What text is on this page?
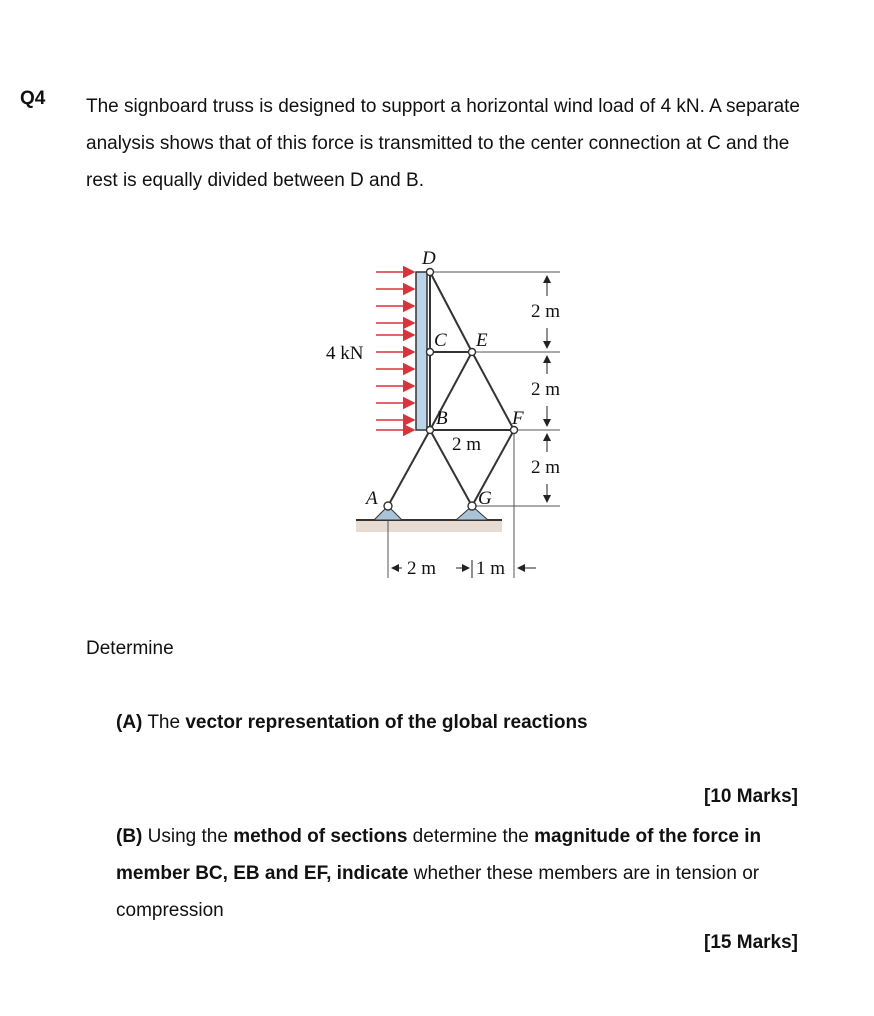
Q4 The signboard truss is designed to support a horizontal wind load of 4 kN. A separate analysis shows that of this force is transmitted to the center connection at C and the rest is equally divided between D and B.

D
C E
B	F
A	G
4 kN
2 m
2 m
2 m
2 m
2 m 1 m
Determine
(A) The vector representation of the global reactions
[10 Marks]

(B) Using the method of sections determine the magnitude of the force in member BC, EB and EF, indicate whether these members are in tension or compression

[15 Marks]
